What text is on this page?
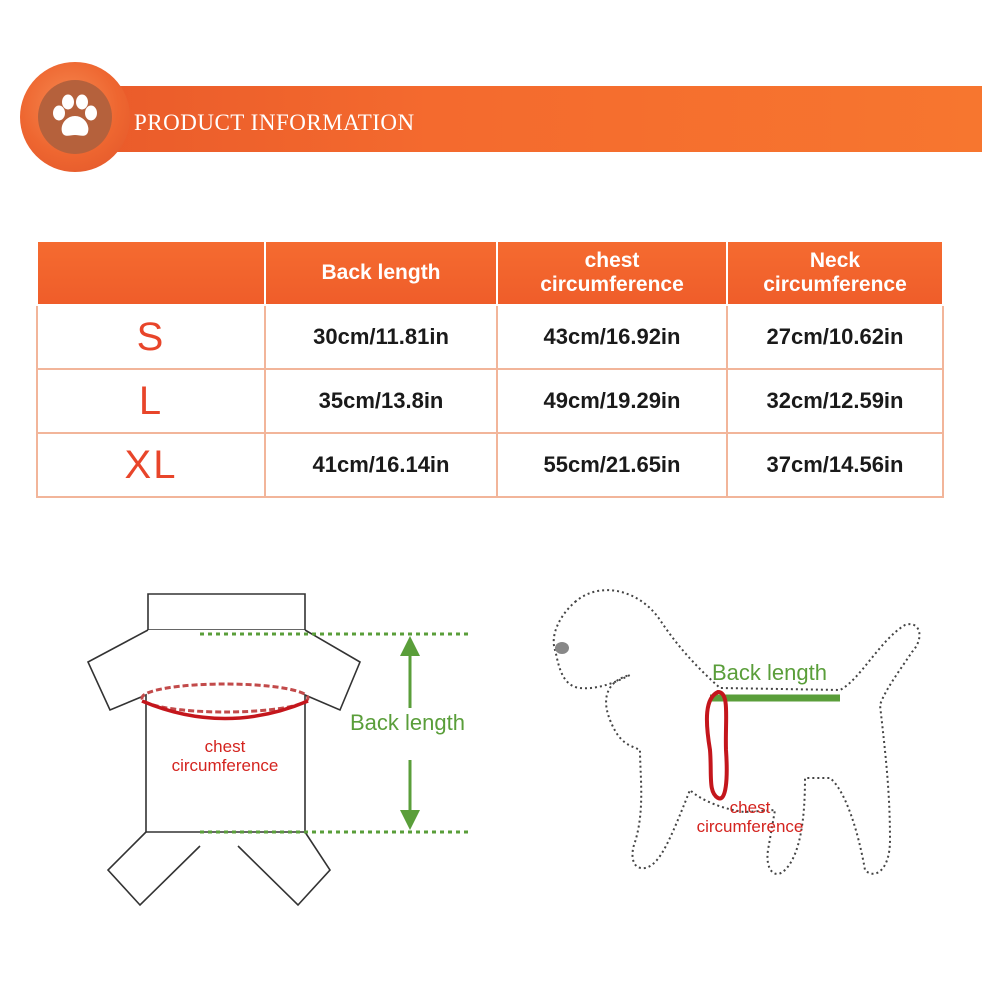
PRODUCT INFORMATION
	Back length	chest circumference	Neck circumference

S	30cm/11.81in	43cm/16.92in	27cm/10.62in
L	35cm/13.8in	49cm/19.29in	32cm/12.59in
XL	41cm/16.14in	55cm/21.65in	37cm/14.56in
Back length
chest circumference
Back length
chest circumference
